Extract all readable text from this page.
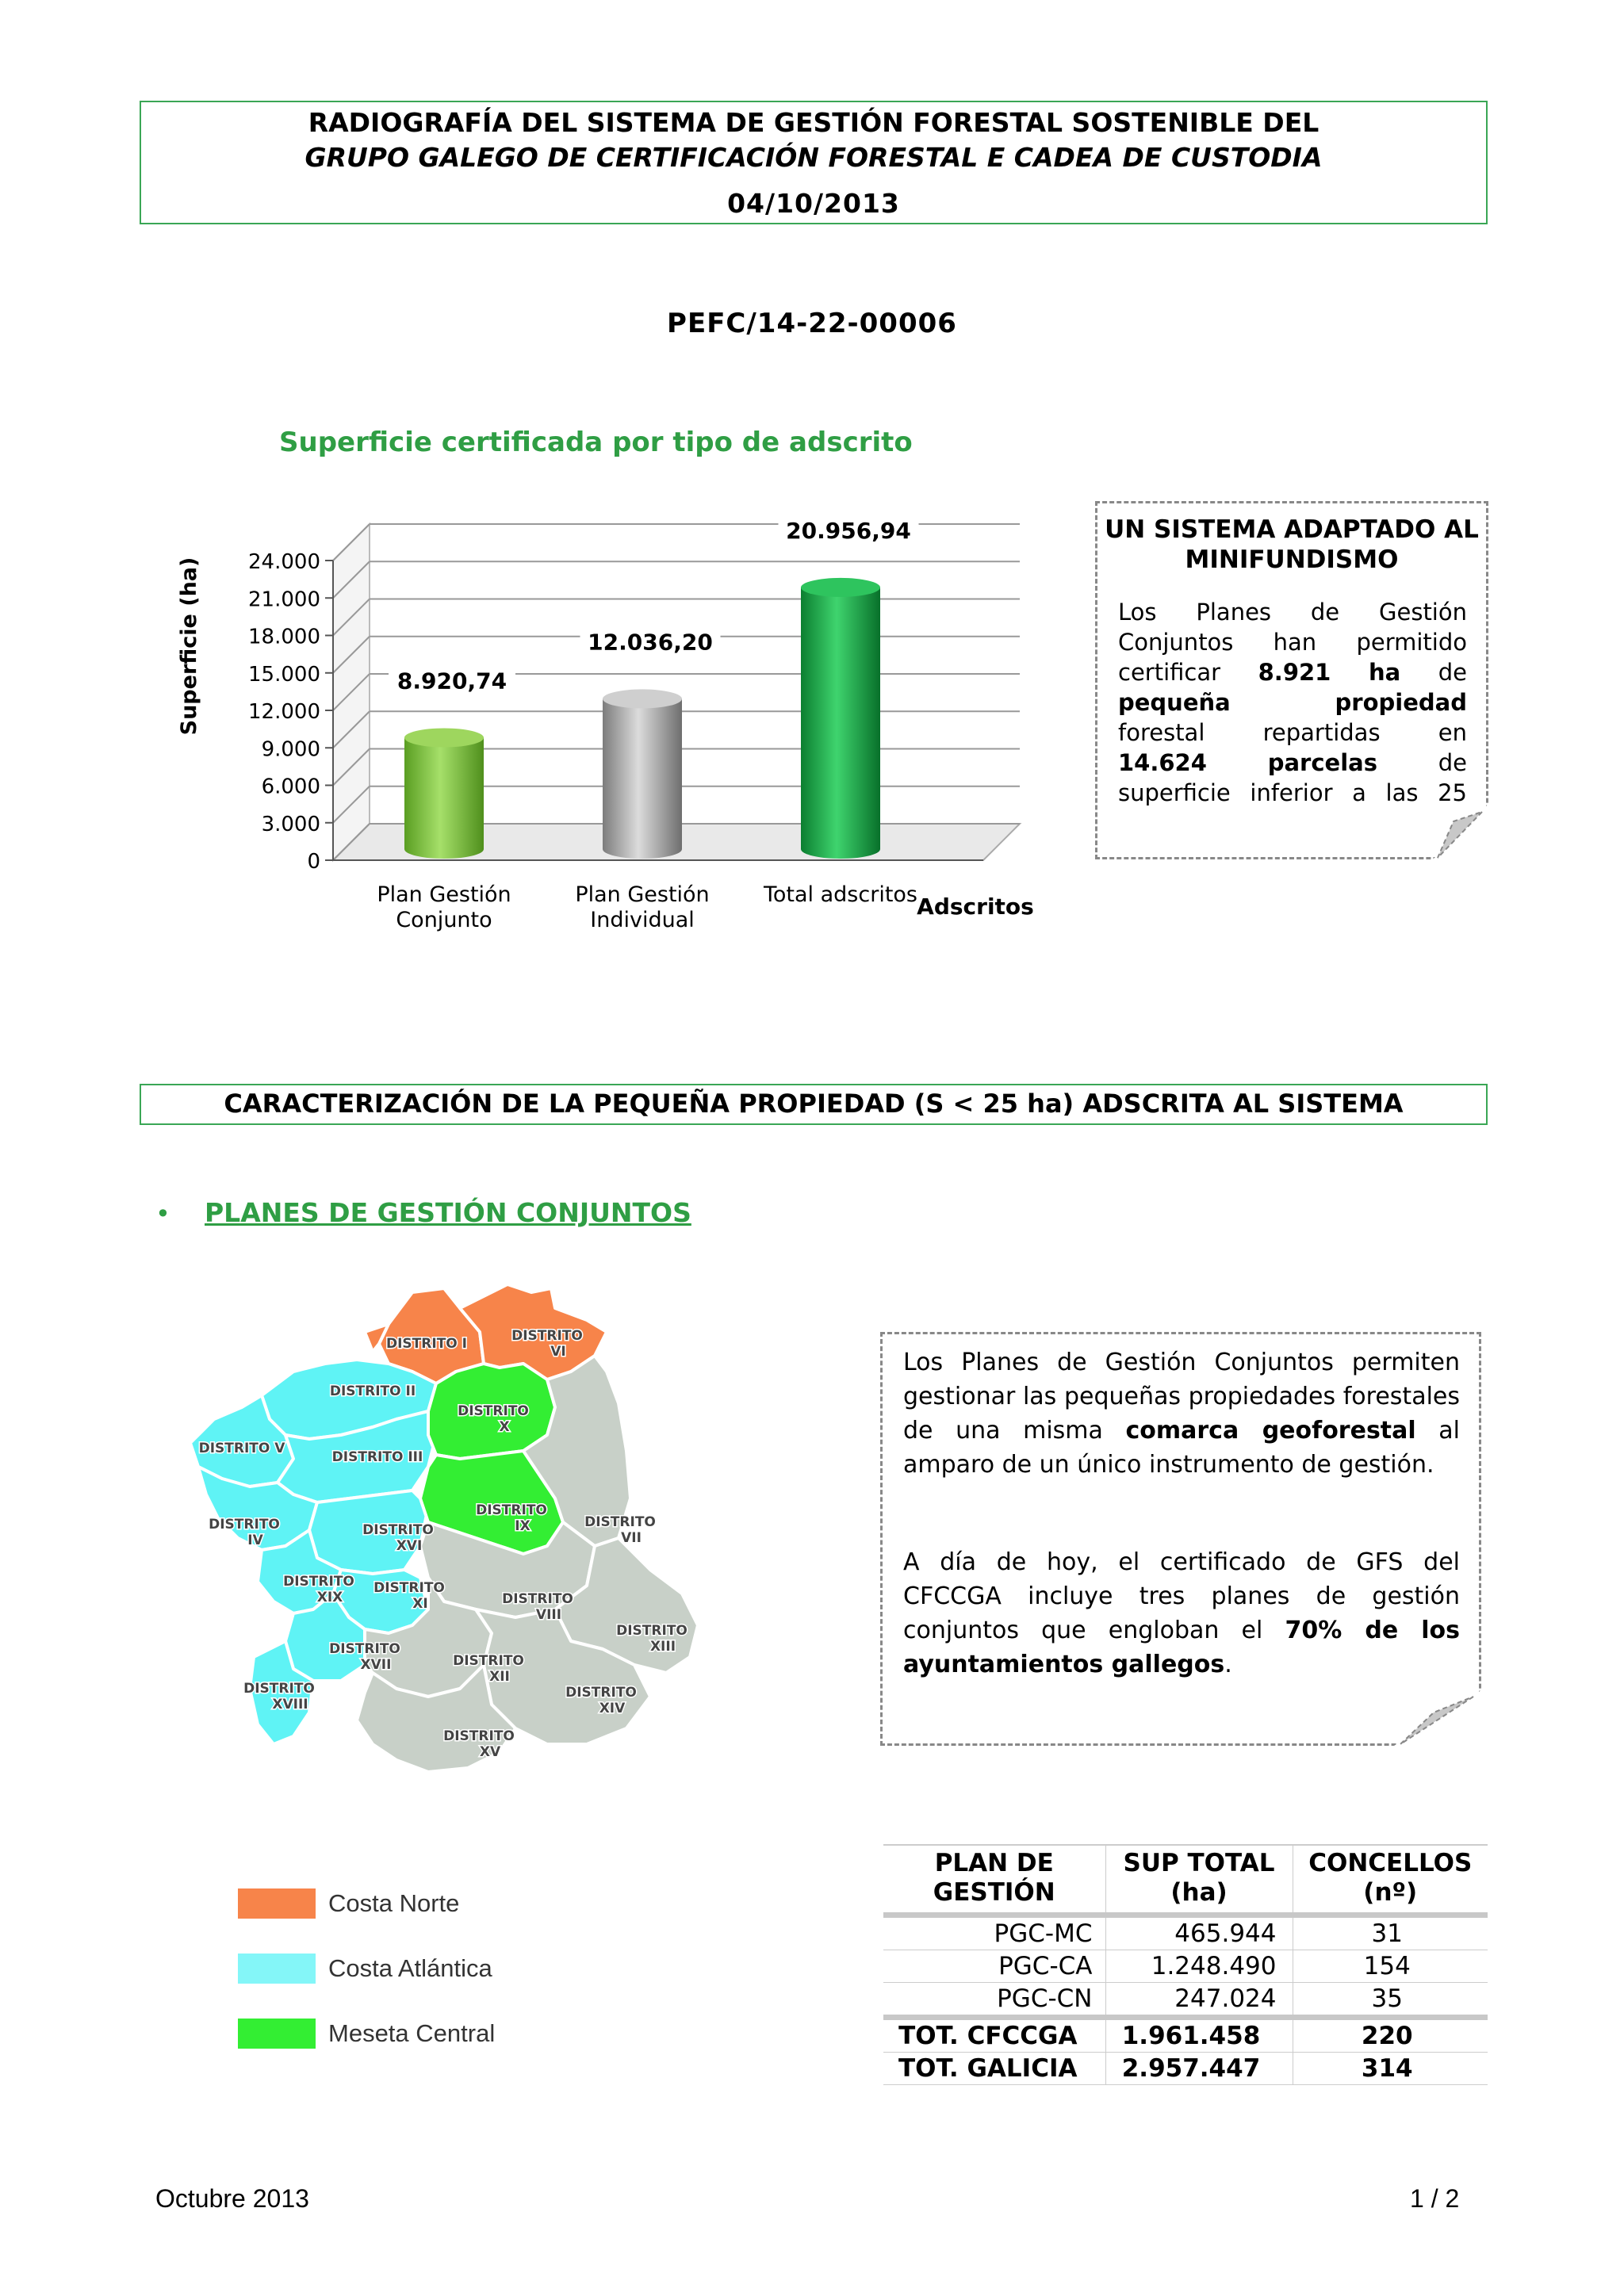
RADIOGRAFÍA DEL SISTEMA DE GESTIÓN FORESTAL SOSTENIBLE DEL
GRUPO GALEGO DE CERTIFICACIÓN FORESTAL E CADEA DE CUSTODIA
04/10/2013
PEFC/14-22-00006
Superficie certificada por tipo de adscrito
0
3.000
6.000
9.000
12.000
15.000
18.000
21.000
24.000
Plan Gestión
Conjunto
Plan Gestión
Individual
Total adscritos
8.920,74
12.036,20
20.956,94
Superficie (ha)
Adscritos
UN SISTEMA ADAPTADO AL MINIFUNDISMO
Los Planes de Gestión
Conjuntos han permitido
certificar 8.921 ha de
pequeña	propiedad
forestal repartidas en
14.624	parcelas de
superficie inferior a las 25
CARACTERIZACIÓN DE LA PEQUEÑA PROPIEDAD (S < 25 ha) ADSCRITA AL SISTEMA
• PLANES DE GESTIÓN CONJUNTOS
DISTRITO I	DISTRITO VI
DISTRITO II
DISTRITO V
DISTRITO III
DISTRITO IV
DISTRITO XVI
DISTRITO XIX
DISTRITO XI
DISTRITO XVII
DISTRITO XVIII
DISTRITO X
DISTRITO IX	DISTRITO VII
DISTRITO VIII
DISTRITO XII
DISTRITO XIII
DISTRITO XIV
DISTRITO XV
Costa Norte
Costa Atlántica
Meseta Central
Los Planes de Gestión Conjuntos permiten gestionar las pequeñas propiedades forestales de una misma comarca geoforestal al amparo de un único instrumento de gestión.
A día de hoy, el certificado de GFS del CFCCGA incluye tres planes de gestión conjuntos que engloban el 70% de los ayuntamientos gallegos.
PLAN DE GESTIÓN	SUP TOTAL (ha)	CONCELLOS (nº)
PGC-MC	465.944	31
PGC-CA	1.248.490	154
PGC-CN	247.024	35
TOT. CFCCGA	1.961.458	220
TOT. GALICIA	2.957.447	314
Octubre 2013	1 / 2
